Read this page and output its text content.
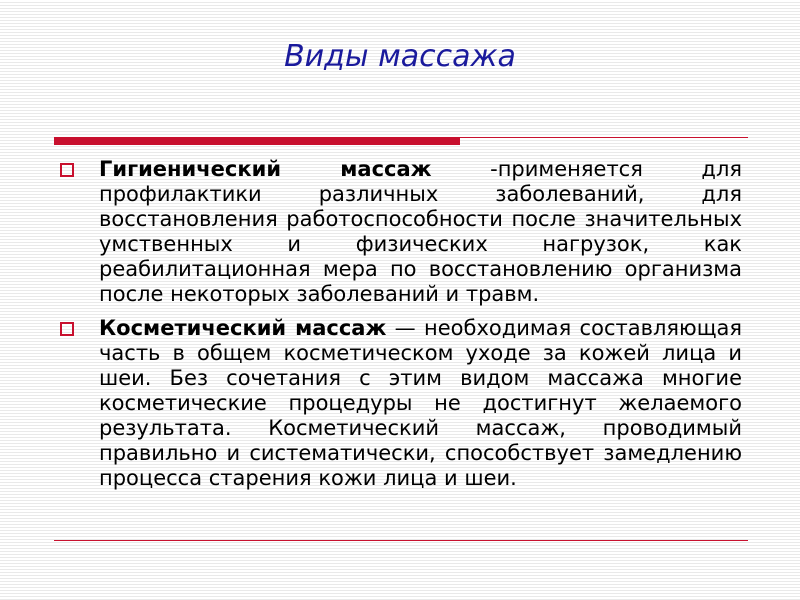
Виды массажа
Гигиенический массаж -применяется для профилактики различных заболеваний, для восстановления работоспособности после значительных умственных и физических нагрузок, как реабилитационная мера по восстановлению организма после некоторых заболеваний и травм.
Косметический массаж — необходимая составляющая часть в общем косметическом уходе за кожей лица и шеи. Без сочетания с этим видом массажа многие косметические процедуры не достигнут желаемого результата. Косметический массаж, проводимый правильно и систематически, способствует замедлению процесса старения кожи лица и шеи.
